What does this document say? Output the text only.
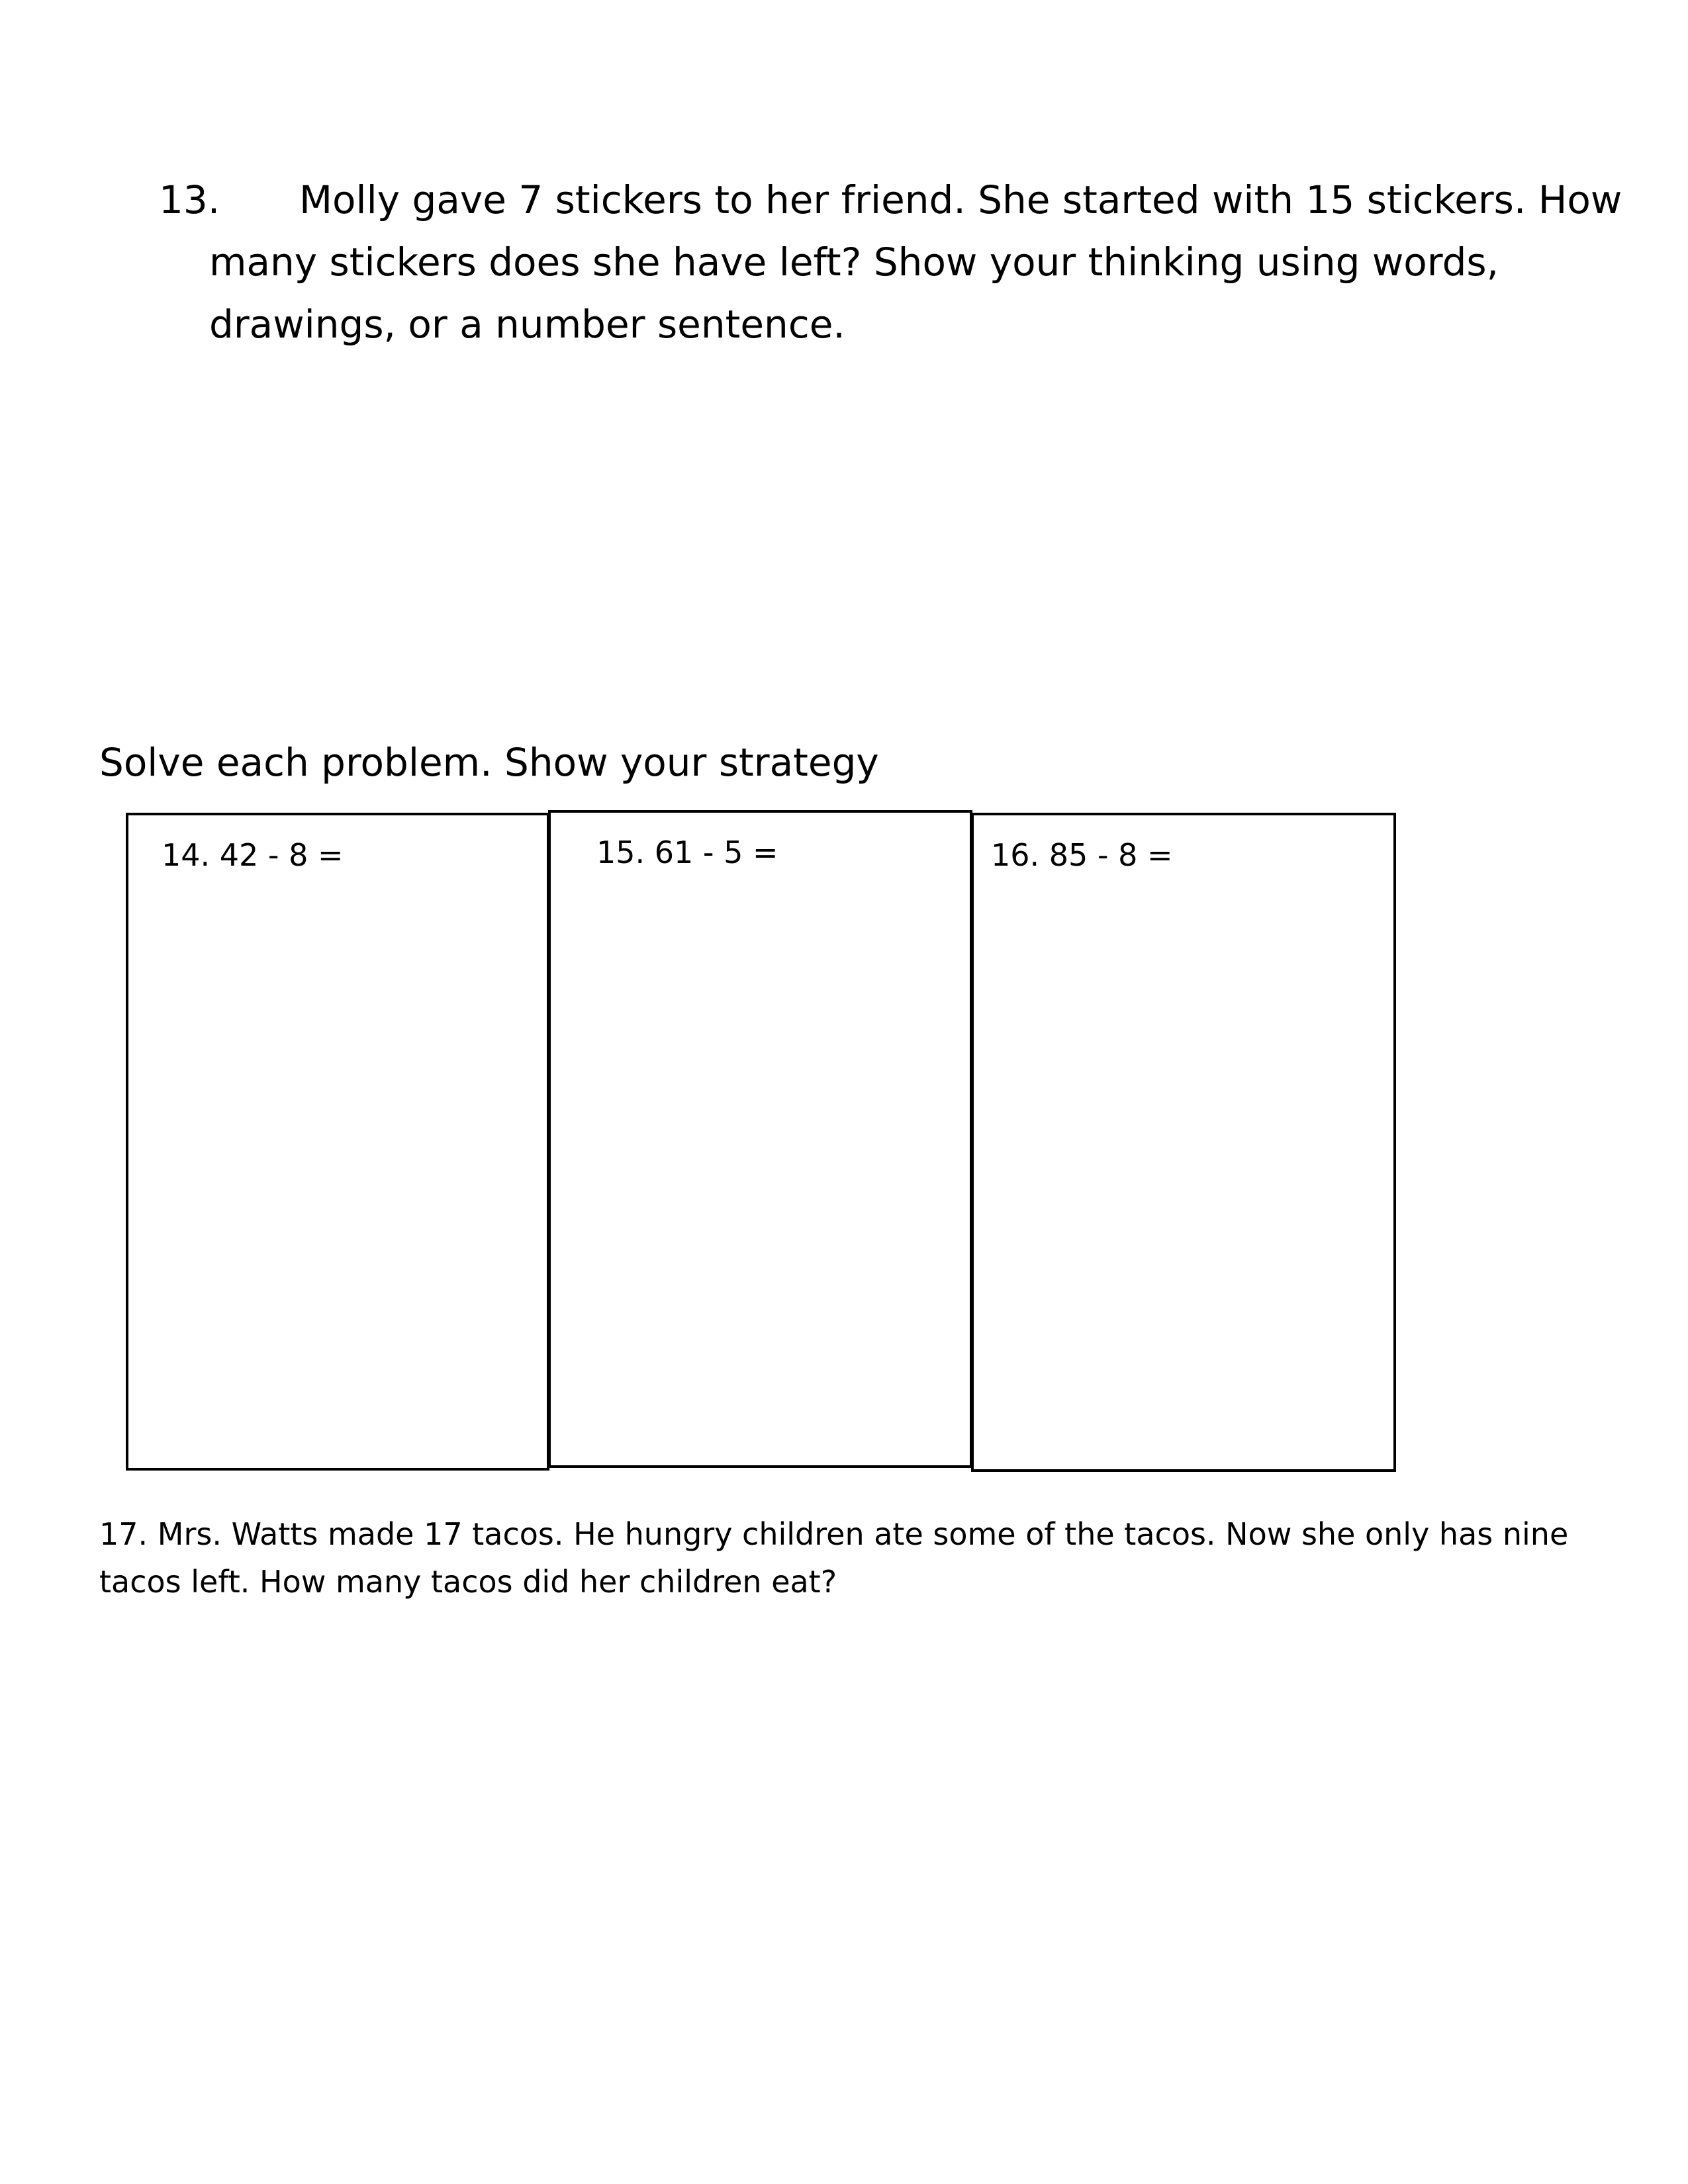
13. Molly gave 7 stickers to her friend. She started with 15 stickers. How
many stickers does she have left? Show your thinking using words, drawings, or a number sentence.
Solve each problem. Show your strategy
14. 42 - 8 =	15. 61 - 5 =	16. 85 - 8 =
17. Mrs. Watts made 17 tacos. He hungry children ate some of the tacos. Now she only has nine tacos left. How many tacos did her children eat?
